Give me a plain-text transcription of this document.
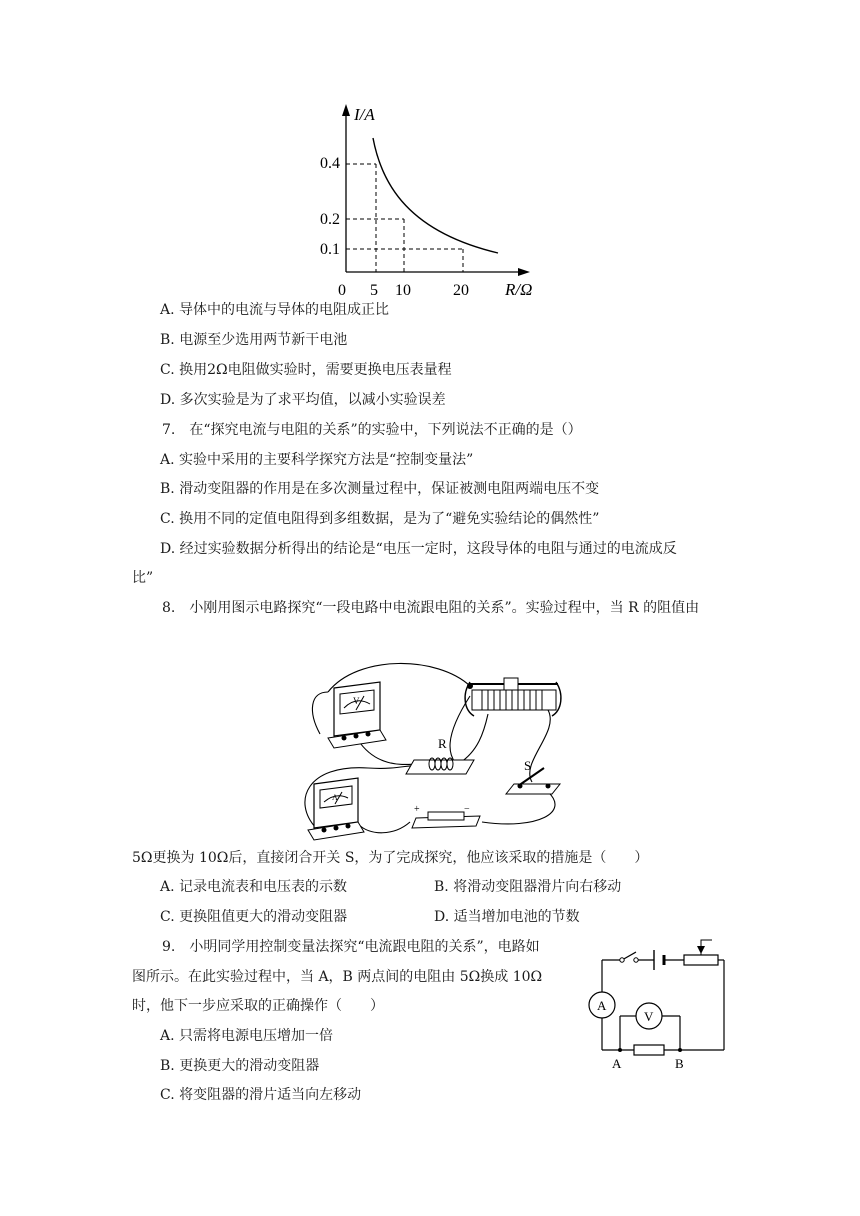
I/A
0.4
0.2
0.1
0 5 10	20 R/Ω
A. 导体中的电流与导体的电阻成正比
B. 电源至少选用两节新干电池
C. 换用2Ω电阻做实验时，需要更换电压表量程
D. 多次实验是为了求平均值，以减小实验误差
7.　在“探究电流与电阻的关系”的实验中，下列说法不正确的是（）
A. 实验中采用的主要科学探究方法是“控制变量法”
B. 滑动变阻器的作用是在多次测量过程中，保证被测电阻两端电压不变
C. 换用不同的定值电阻得到多组数据，是为了“避免实验结论的偶然性”
D. 经过实验数据分析得出的结论是“电压一定时，这段导体的电阻与通过的电流成反
比”
8.　小刚用图示电路探究“一段电路中电流跟电阻的关系”。实验过程中，当 R 的阻值由
V
R
S
A
+	−
5Ω更换为 10Ω后，直接闭合开关 S，为了完成探究，他应该采取的措施是（　　）
A. 记录电流表和电压表的示数	B. 将滑动变阻器滑片向右移动
C. 更换阻值更大的滑动变阻器	D. 适当增加电池的节数
9.　小明同学用控制变量法探究“电流跟电阻的关系”，电路如
图所示。在此实验过程中，当 A，B 两点间的电阻由 5Ω换成 10Ω
时，他下一步应采取的正确操作（　　）
A. 只需将电源电压增加一倍
B. 更换更大的滑动变阻器
C. 将变阻器的滑片适当向左移动
A
V
A	B
